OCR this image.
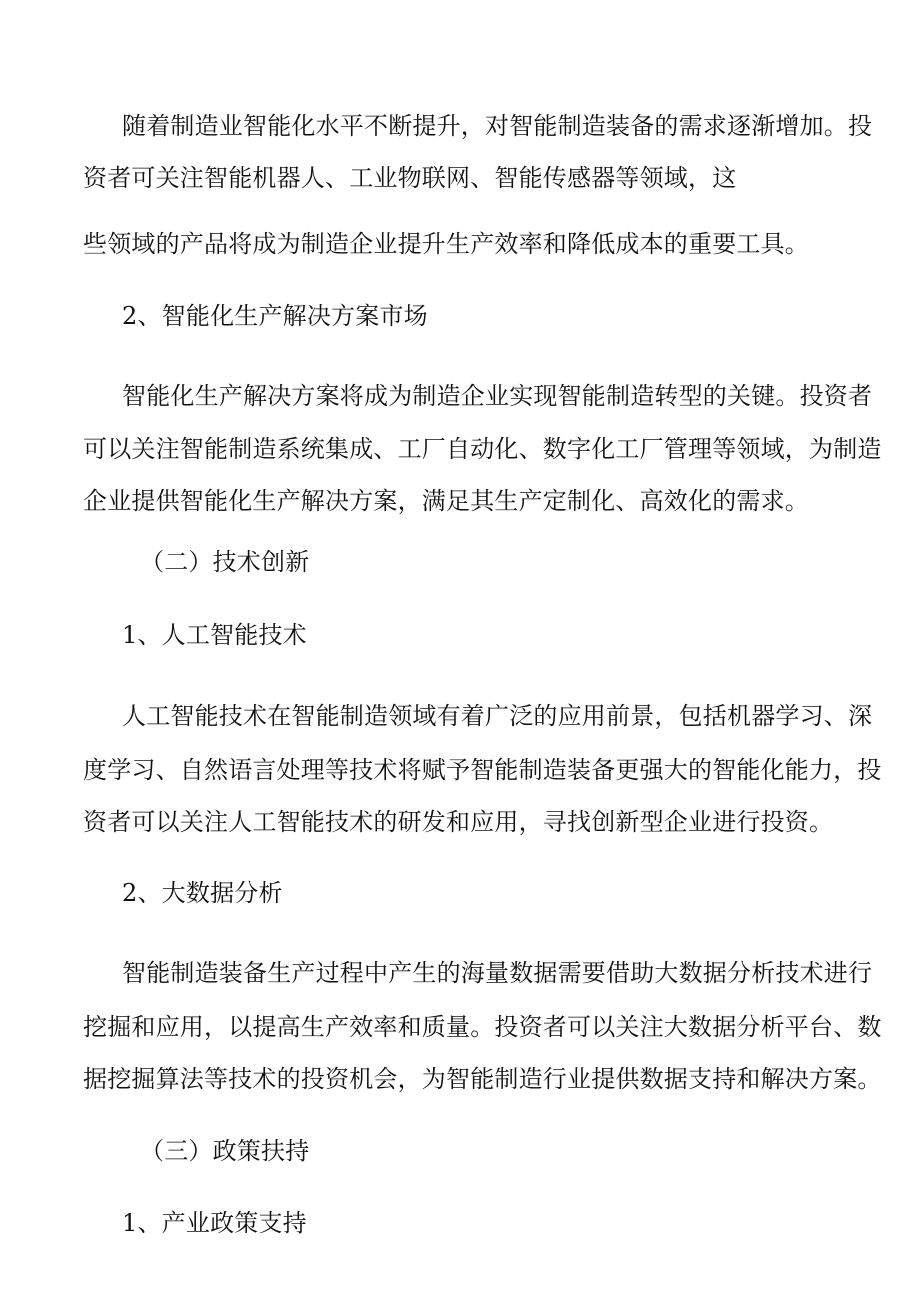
随着制造业智能化水平不断提升，对智能制造装备的需求逐渐增加。投
资者可关注智能机器人、工业物联网、智能传感器等领域，这
些领域的产品将成为制造企业提升生产效率和降低成本的重要工具。
2、智能化生产解决方案市场
智能化生产解决方案将成为制造企业实现智能制造转型的关键。投资者
可以关注智能制造系统集成、工厂自动化、数字化工厂管理等领域，为制造
企业提供智能化生产解决方案，满足其生产定制化、高效化的需求。
（二）技术创新
1、人工智能技术
人工智能技术在智能制造领域有着广泛的应用前景，包括机器学习、深
度学习、自然语言处理等技术将赋予智能制造装备更强大的智能化能力，投
资者可以关注人工智能技术的研发和应用，寻找创新型企业进行投资。
2、大数据分析
智能制造装备生产过程中产生的海量数据需要借助大数据分析技术进行
挖掘和应用，以提高生产效率和质量。投资者可以关注大数据分析平台、数
据挖掘算法等技术的投资机会，为智能制造行业提供数据支持和解决方案。
（三）政策扶持
1、产业政策支持
